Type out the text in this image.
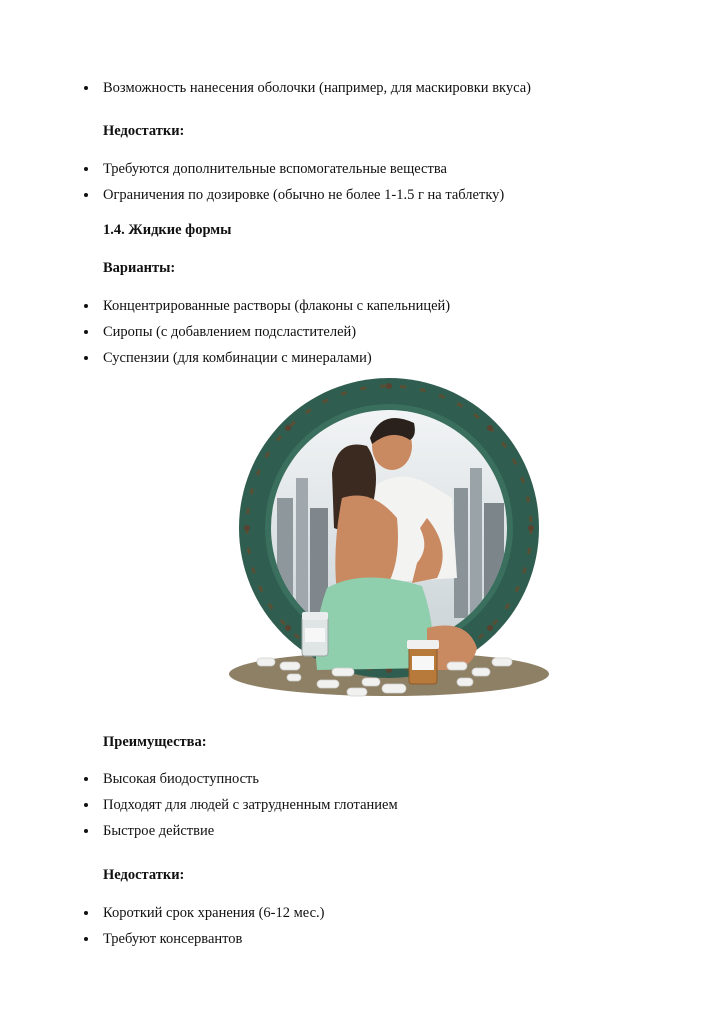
Возможность нанесения оболочки (например, для маскировки вкуса)
Недостатки:
Требуются дополнительные вспомогательные вещества
Ограничения по дозировке (обычно не более 1-1.5 г на таблетку)
1.4. Жидкие формы
Варианты:
Концентрированные растворы (флаконы с капельницей)
Сиропы (с добавлением подсластителей)
Суспензии (для комбинации с минералами)
Преимущества:
Высокая биодоступность
Подходят для людей с затрудненным глотанием
Быстрое действие
Недостатки:
Короткий срок хранения (6-12 мес.)
Требуют консервантов
